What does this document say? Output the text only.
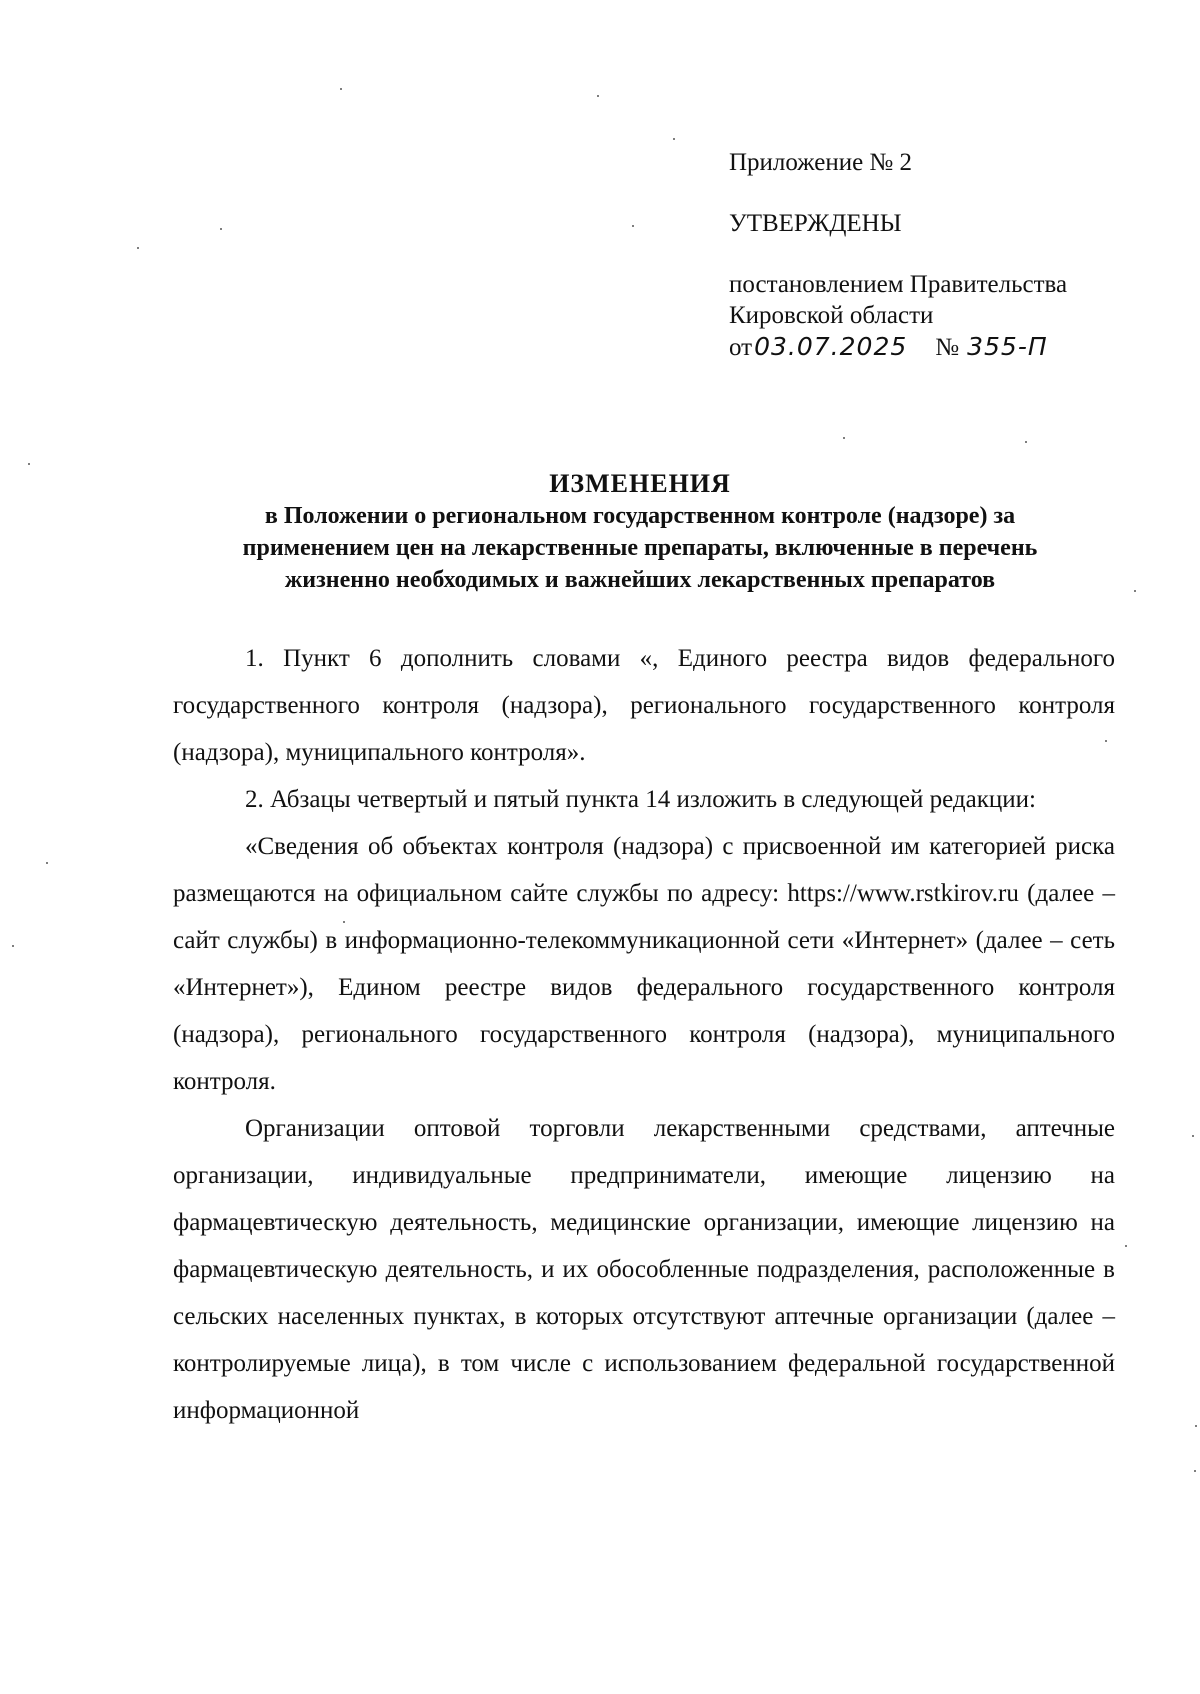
Приложение № 2
УТВЕРЖДЕНЫ
постановлением Правительства
Кировской области
от03.07.2025 № 355-П
ИЗМЕНЕНИЯ
в Положении о региональном государственном контроле (надзоре) за
применением цен на лекарственные препараты, включенные в перечень
жизненно необходимых и важнейших лекарственных препаратов

1. Пункт 6 дополнить словами «, Единого реестра видов федерального государственного контроля (надзора), регионального государственного контроля (надзора), муниципального контроля».

2. Абзацы четвертый и пятый пункта 14 изложить в следующей редакции:

«Сведения об объектах контроля (надзора) с присвоенной им категорией риска размещаются на официальном сайте службы по адресу: https://www.rstkirov.ru (далее – сайт службы) в информационно-телекоммуникационной сети «Интернет» (далее – сеть «Интернет»), Едином реестре видов федерального государственного контроля (надзора), регионального государственного контроля (надзора), муниципального контроля.

Организации оптовой торговли лекарственными средствами, аптечные организации, индивидуальные предприниматели, имеющие лицензию на фармацевтическую деятельность, медицинские организации, имеющие лицензию на фармацевтическую деятельность, и их обособленные подразделения, расположенные в сельских населенных пунктах, в которых отсутствуют аптечные организации (далее – контролируемые лица), в том числе с использованием федеральной государственной информационной
